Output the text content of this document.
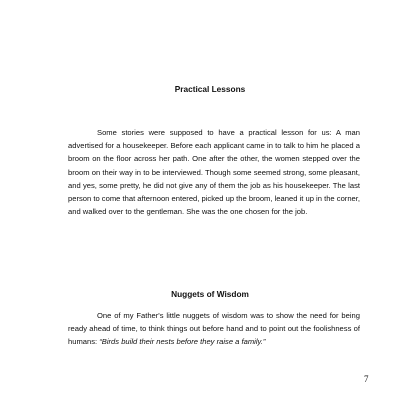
Practical Lessons

Some stories were supposed to have a practical lesson for us: A man advertised for a housekeeper. Before each applicant came in to talk to him he placed a broom on the floor across her path. One after the other, the women stepped over the broom on their way in to be interviewed. Though some seemed strong, some pleasant, and yes, some pretty, he did not give any of them the job as his housekeeper. The last person to come that afternoon entered, picked up the broom, leaned it up in the corner, and walked over to the gentleman. She was the one chosen for the job.

Nuggets of Wisdom

One of my Father's little nuggets of wisdom was to show the need for being ready ahead of time, to think things out before hand and to point out the foolishness of humans: “Birds build their nests before they raise a family.”

7
